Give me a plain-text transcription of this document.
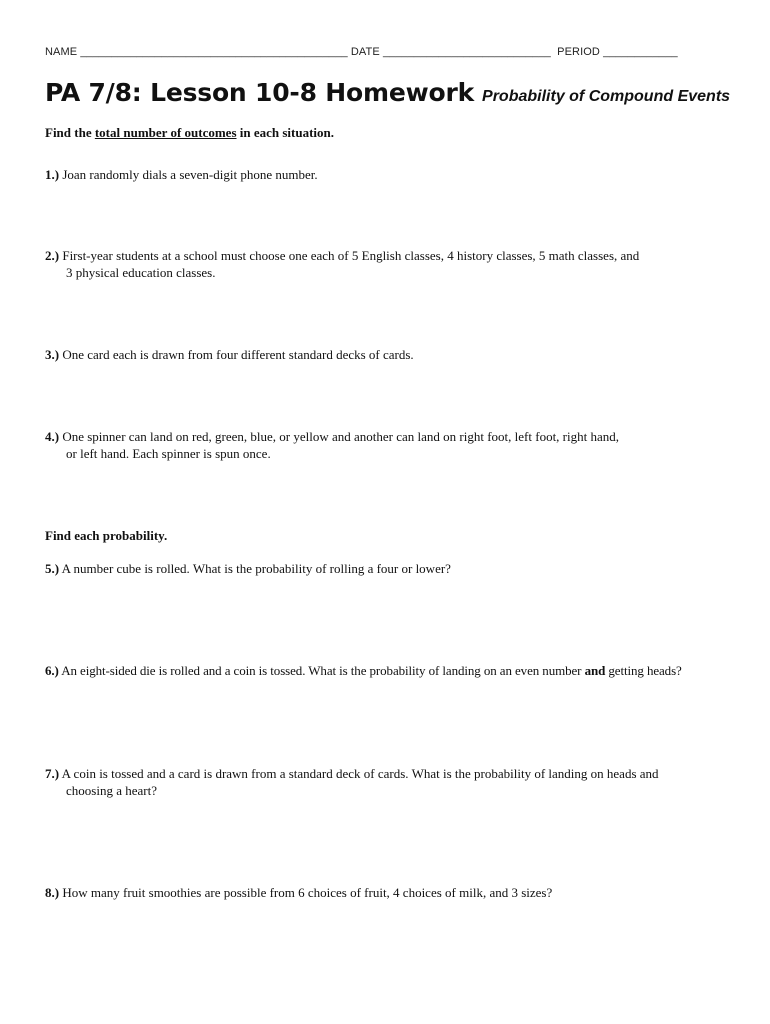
NAME ___________________________________________ DATE ___________________________ PERIOD ____________
PA 7/8: Lesson 10-8 Homework Probability of Compound Events
Find the total number of outcomes in each situation.
1.) Joan randomly dials a seven-digit phone number.
2.) First-year students at a school must choose one each of 5 English classes, 4 history classes, 5 math classes, and
3 physical education classes.
3.) One card each is drawn from four different standard decks of cards.
4.) One spinner can land on red, green, blue, or yellow and another can land on right foot, left foot, right hand,
or left hand. Each spinner is spun once.
Find each probability.
5.) A number cube is rolled. What is the probability of rolling a four or lower?
6.) An eight-sided die is rolled and a coin is tossed. What is the probability of landing on an even number and getting heads?
7.) A coin is tossed and a card is drawn from a standard deck of cards. What is the probability of landing on heads and
choosing a heart?
8.) How many fruit smoothies are possible from 6 choices of fruit, 4 choices of milk, and 3 sizes?
